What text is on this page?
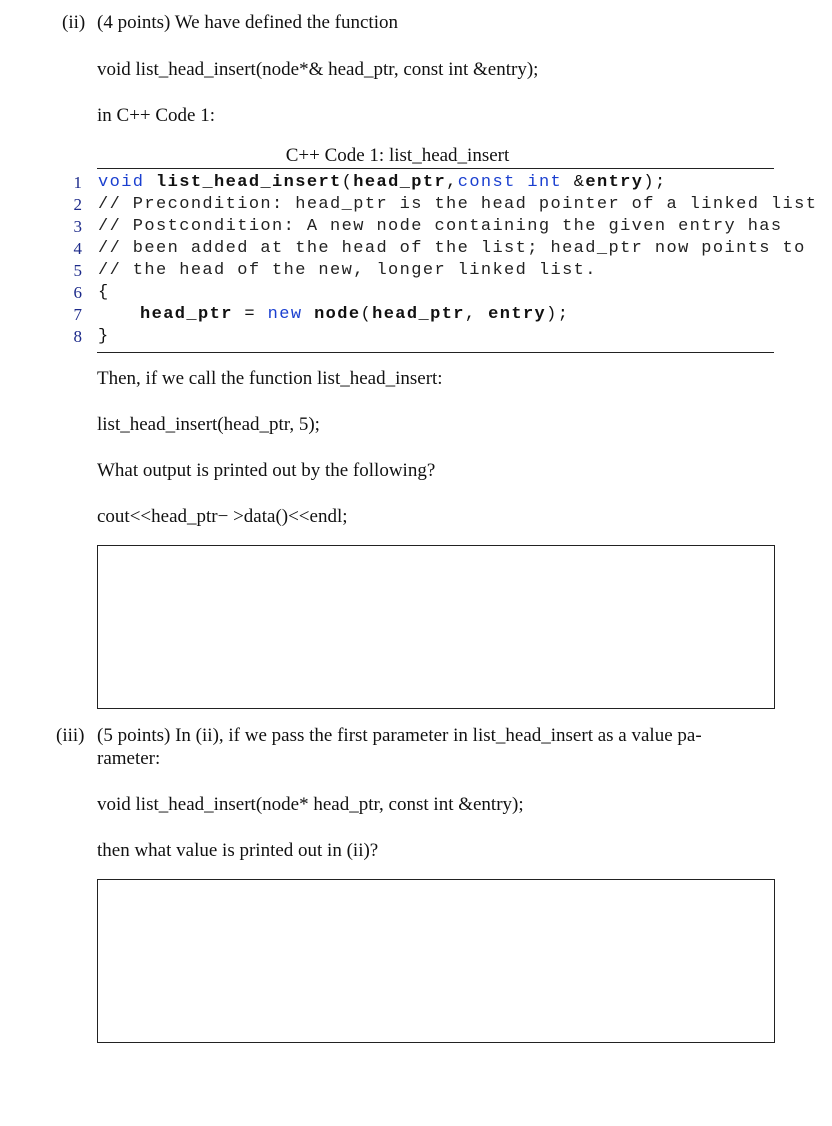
(ii) (4 points) We have defined the function
void list_head_insert(node*& head_ptr, const int &entry);
in C++ Code 1:
C++ Code 1: list_head_insert
1 void list_head_insert(head_ptr,const int &entry);
2 // Precondition: head_ptr is the head pointer of a linked list
3 // Postcondition: A new node containing the given entry has
4 // been added at the head of the list; head_ptr now points to
5 // the head of the new, longer linked list.
6 {
7	head_ptr = new node(head_ptr, entry);
8 }
Then, if we call the function list_head_insert:
list_head_insert(head_ptr, 5);
What output is printed out by the following?
cout<<head_ptr− >data()<<endl;
(iii) (5 points) In (ii), if we pass the first parameter in list_head_insert as a value pa-
rameter:
void list_head_insert(node* head_ptr, const int &entry);
then what value is printed out in (ii)?
